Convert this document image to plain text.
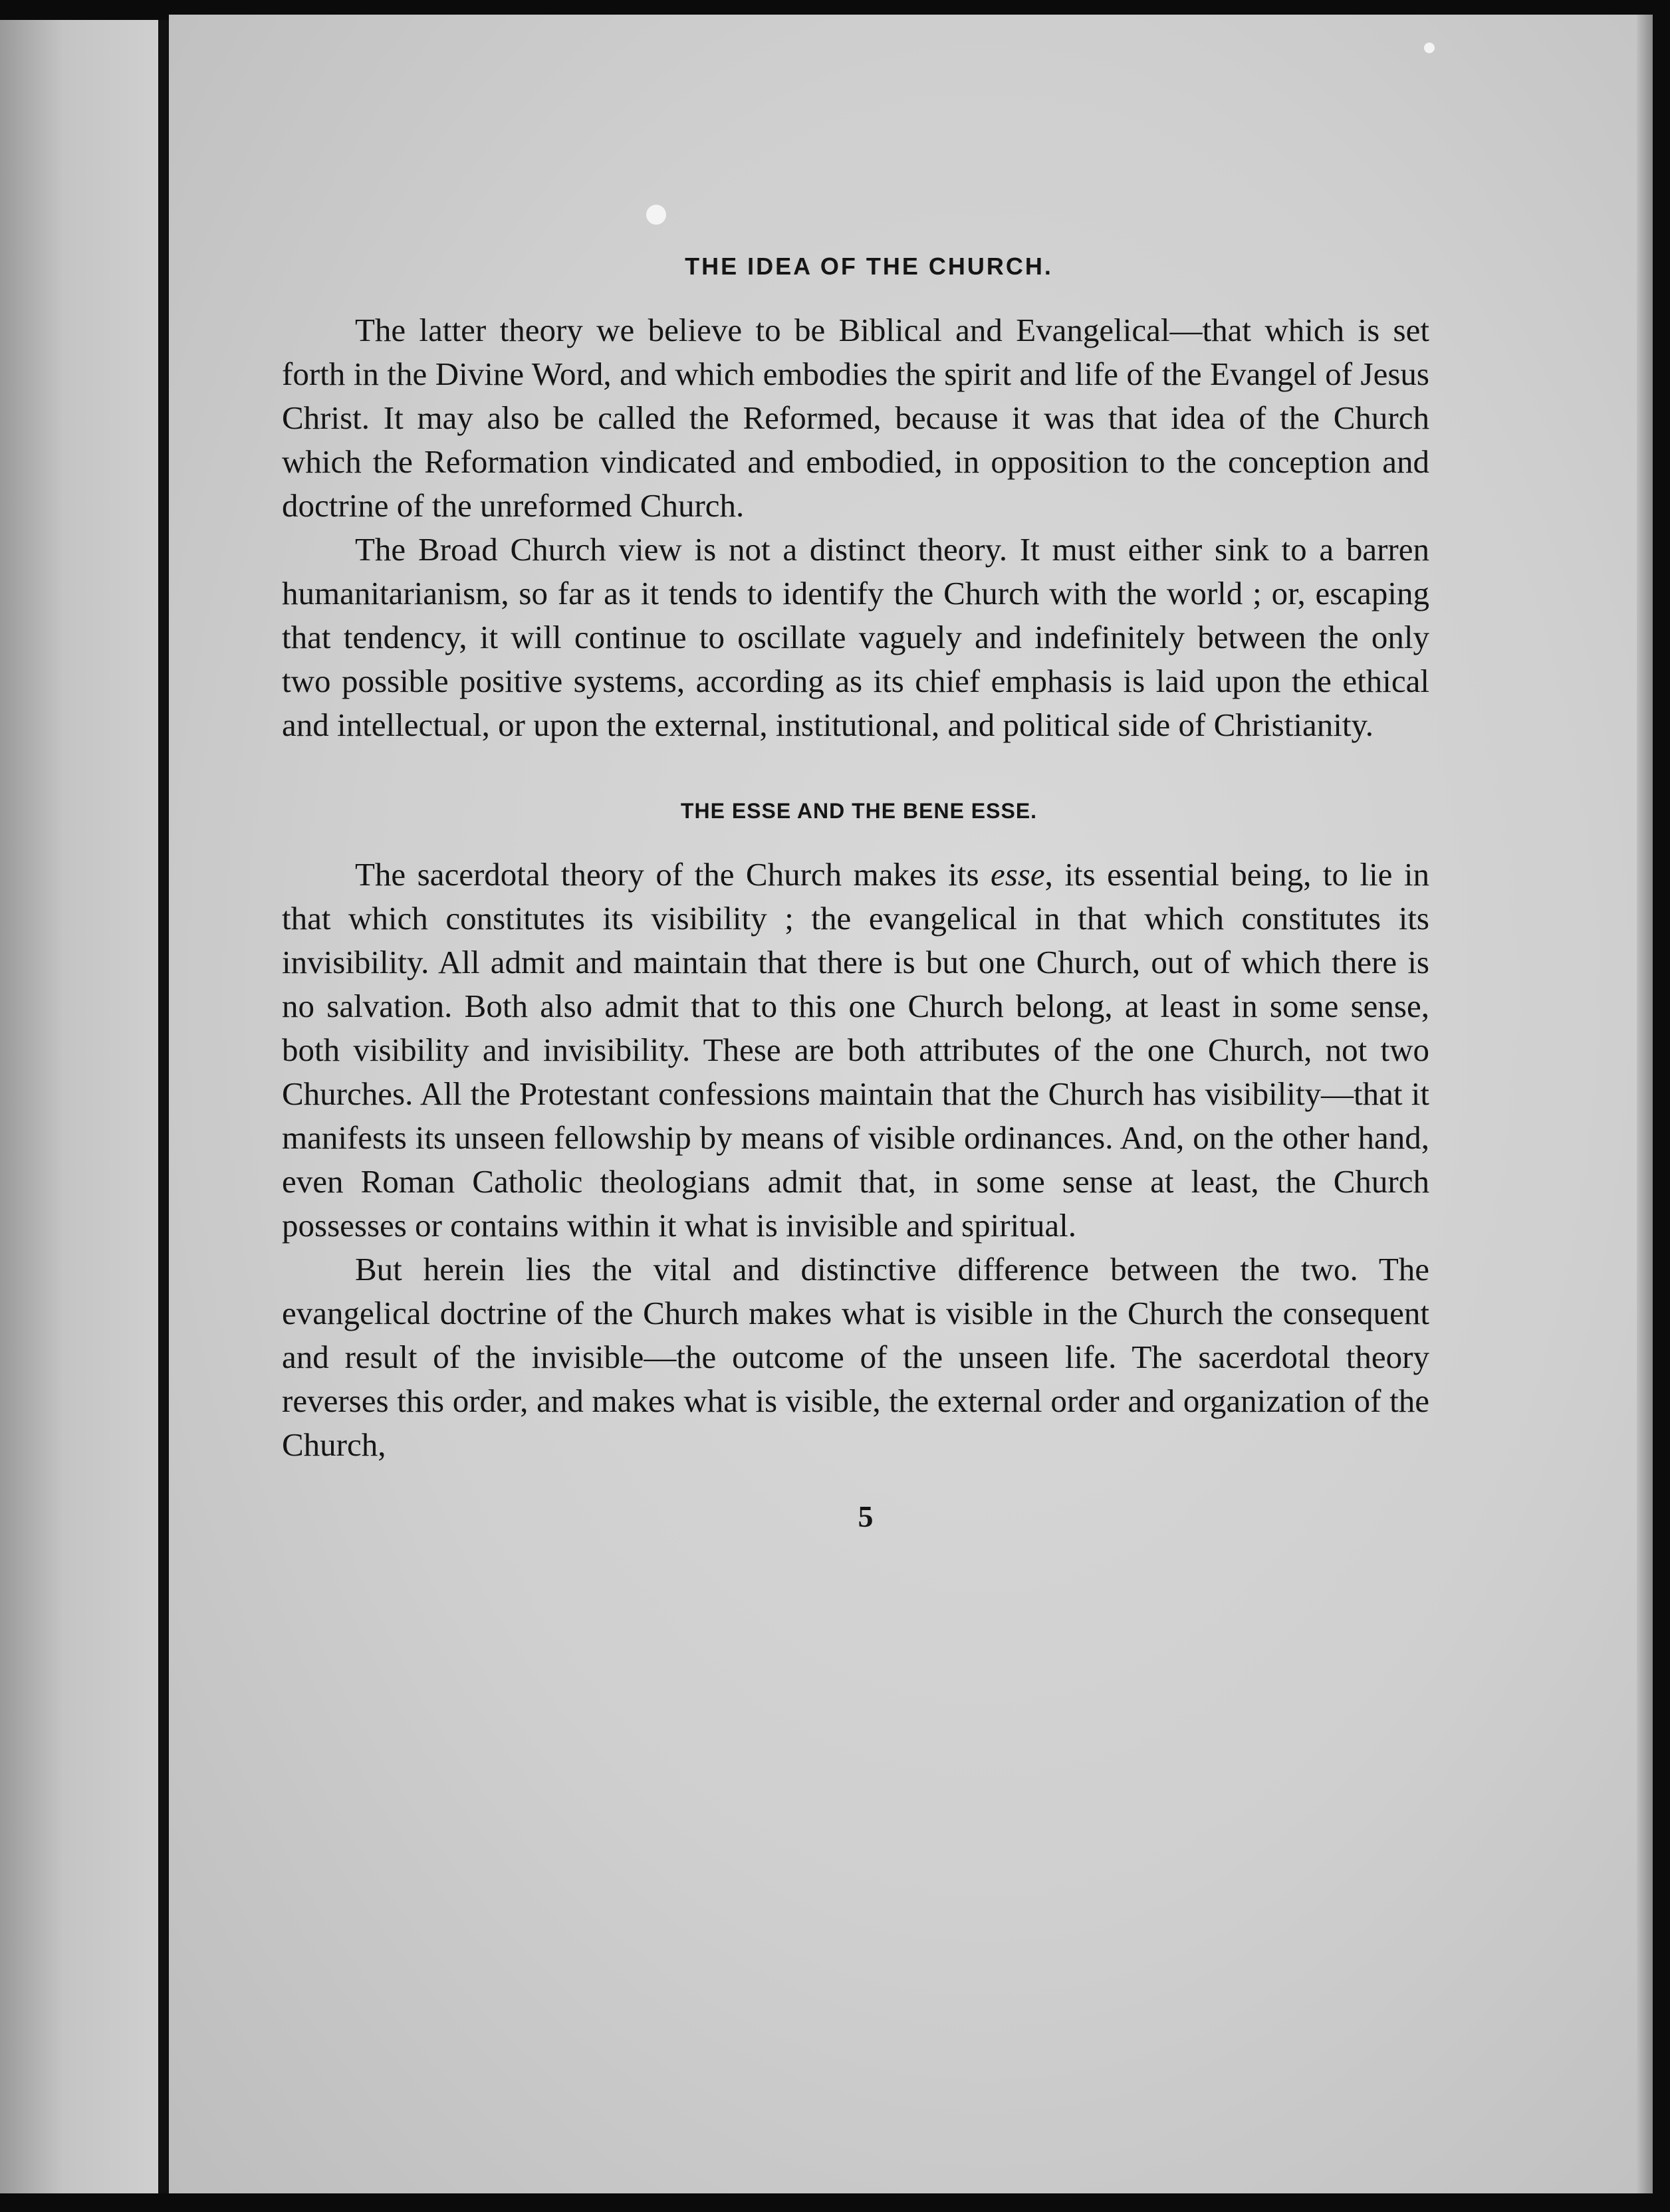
THE IDEA OF THE CHURCH.

The latter theory we believe to be Biblical and Evangelical—that which is set forth in the Divine Word, and which embodies the spirit and life of the Evangel of Jesus Christ. It may also be called the Reformed, because it was that idea of the Church which the Reformation vindicated and embodied, in opposition to the conception and doctrine of the unreformed Church.

The Broad Church view is not a distinct theory. It must either sink to a barren humanitarianism, so far as it tends to identify the Church with the world ; or, escaping that tendency, it will continue to oscillate vaguely and indefinitely between the only two possible positive systems, according as its chief emphasis is laid upon the ethical and intellectual, or upon the external, institutional, and political side of Christianity.

THE ESSE AND THE BENE ESSE.

The sacerdotal theory of the Church makes its esse, its essential being, to lie in that which constitutes its visibility ; the evangelical in that which constitutes its invisibility. All admit and maintain that there is but one Church, out of which there is no salvation. Both also admit that to this one Church belong, at least in some sense, both visibility and invisibility. These are both attributes of the one Church, not two Churches. All the Protestant confessions maintain that the Church has visibility—that it manifests its unseen fellowship by means of visible ordinances. And, on the other hand, even Roman Catholic theologians admit that, in some sense at least, the Church possesses or contains within it what is invisible and spiritual.

But herein lies the vital and distinctive difference between the two. The evangelical doctrine of the Church makes what is visible in the Church the consequent and result of the invisible—the outcome of the unseen life. The sacerdotal theory reverses this order, and makes what is visible, the external order and organization of the Church,

5
